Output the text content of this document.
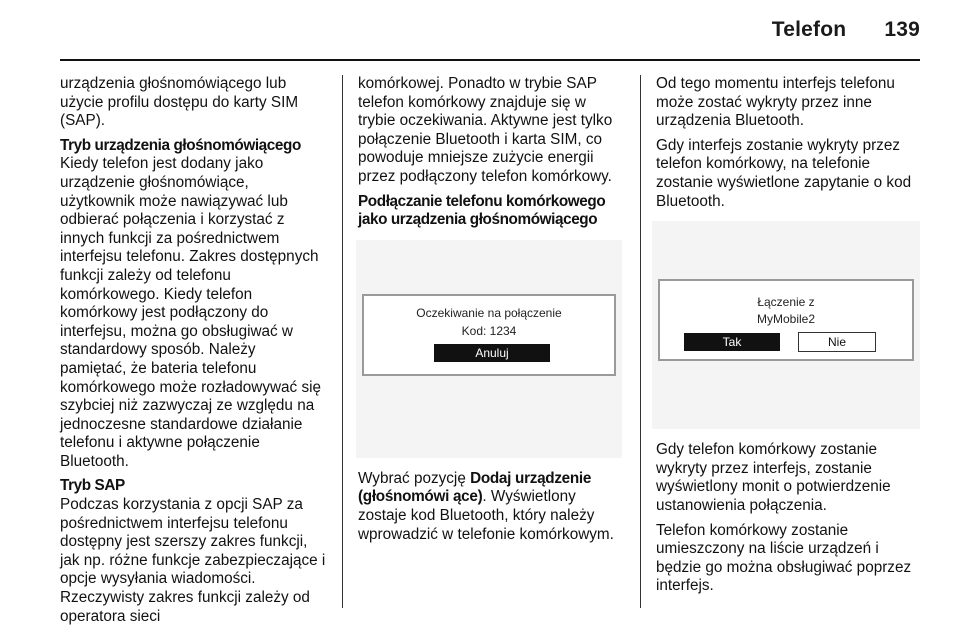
Telefon 139

urządzenia głośnomówiącego lub użycie profilu dostępu do karty SIM (SAP).

Tryb urządzenia głośnomówiącego

Kiedy telefon jest dodany jako urządzenie głośnomówiące, użytkownik może nawiązywać lub odbierać połączenia i korzystać z innych funkcji za pośrednictwem interfejsu telefonu. Zakres dostępnych funkcji zależy od telefonu komórkowego. Kiedy telefon komórkowy jest podłączony do interfejsu, można go obsługiwać w standardowy sposób. Należy pamiętać, że bateria telefonu komórkowego może rozładowywać się szybciej niż zazwyczaj ze względu na jednoczesne standardowe działanie telefonu i aktywne połączenie Bluetooth.

Tryb SAP

Podczas korzystania z opcji SAP za pośrednictwem interfejsu telefonu dostępny jest szerszy zakres funkcji, jak np. różne funkcje zabezpieczające i opcje wysyłania wiadomości. Rzeczywisty zakres funkcji zależy od operatora sieci

komórkowej. Ponadto w trybie SAP telefon komórkowy znajduje się w trybie oczekiwania. Aktywne jest tylko połączenie Bluetooth i karta SIM, co powoduje mniejsze zużycie energii przez podłączony telefon komórkowy.

Podłączanie telefonu komórkowego jako urządzenia głośnomówiącego

Oczekiwanie na połączenie
Kod: 1234
Anuluj

Wybrać pozycję Dodaj urządzenie (głośnomówi ące). Wyświetlony zostaje kod Bluetooth, który należy wprowadzić w telefonie komórkowym.

Od tego momentu interfejs telefonu może zostać wykryty przez inne urządzenia Bluetooth.

Gdy interfejs zostanie wykryty przez telefon komórkowy, na telefonie zostanie wyświetlone zapytanie o kod Bluetooth.

Łączenie z
MyMobile2
Tak	Nie

Gdy telefon komórkowy zostanie wykryty przez interfejs, zostanie wyświetlony monit o potwierdzenie ustanowienia połączenia.

Telefon komórkowy zostanie umieszczony na liście urządzeń i będzie go można obsługiwać poprzez interfejs.
